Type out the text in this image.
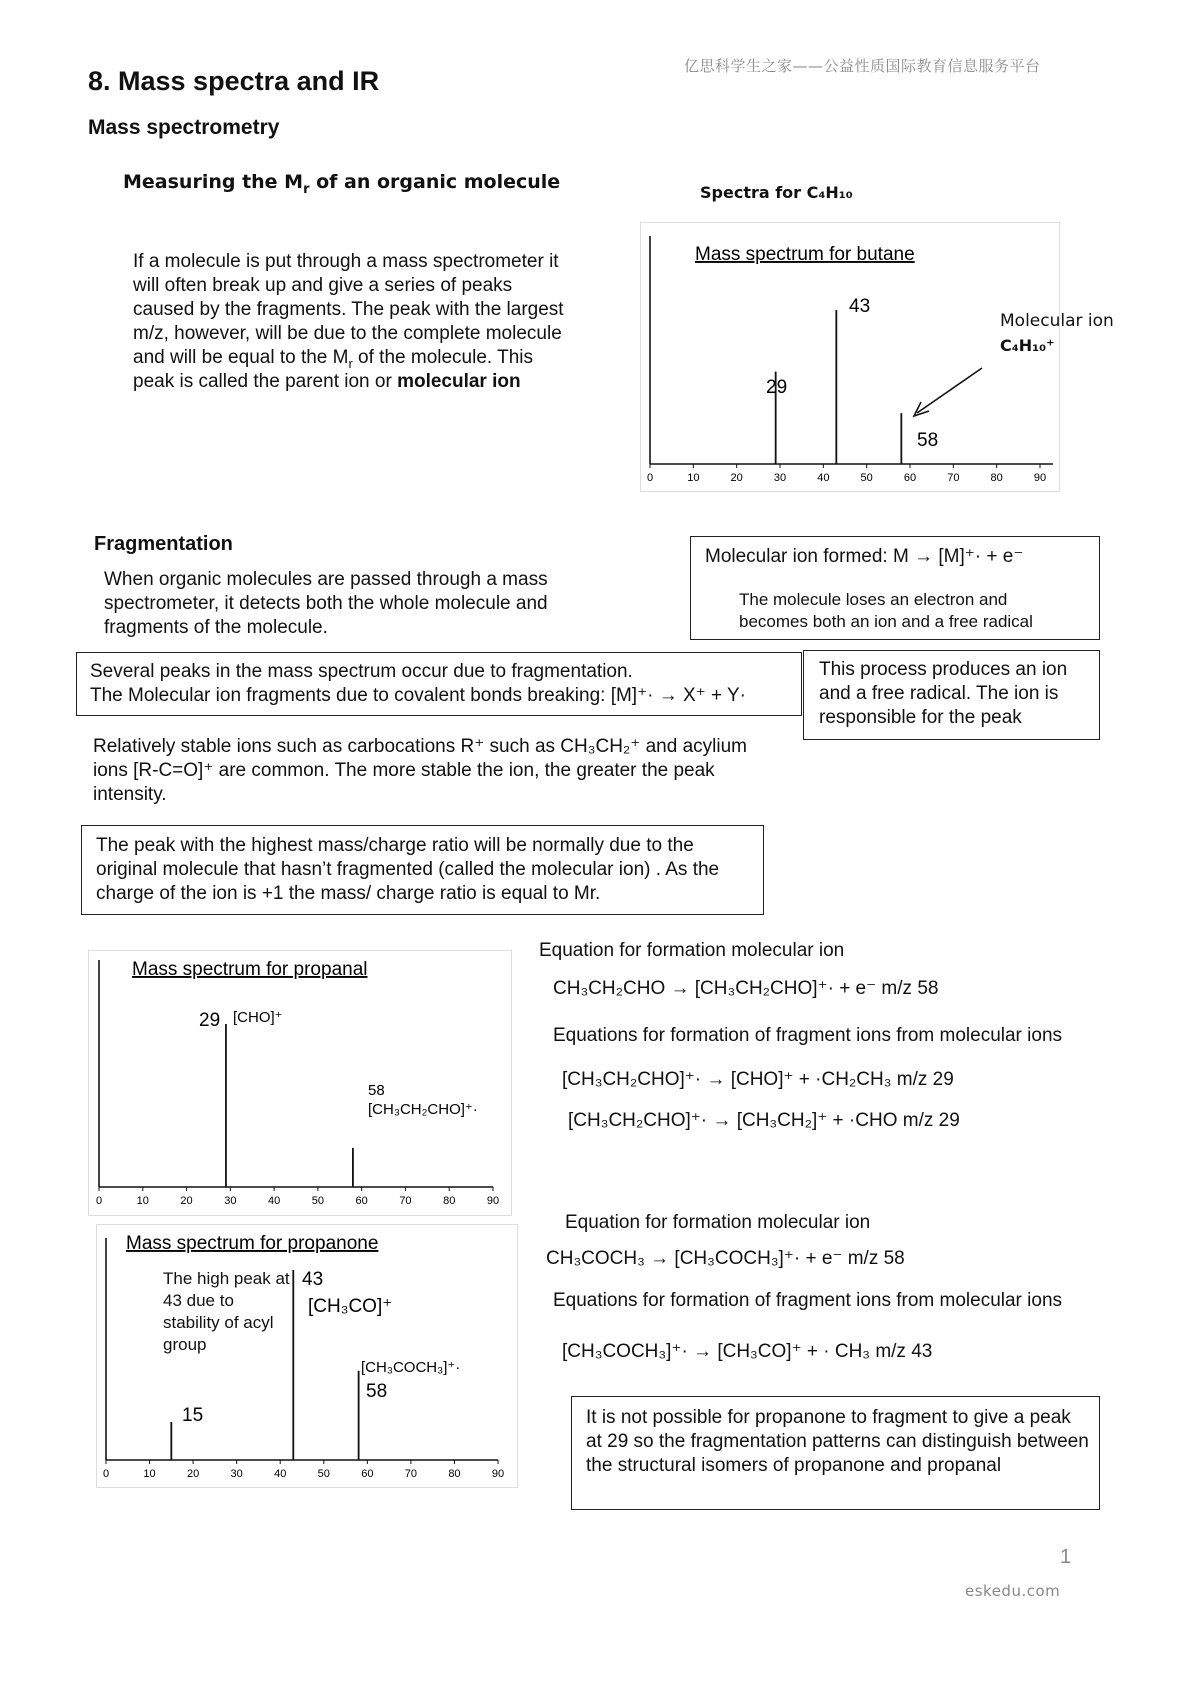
亿思科学生之家——公益性质国际教育信息服务平台
8. Mass spectra and IR
Mass spectrometry
Measuring the $M_r$ of an organic molecule
If a molecule is put through a mass spectrometer it will often break up and give a series of peaks caused by the fragments. The peak with the largest m/z, however, will be due to the complete molecule and will be equal to the $M_r$ of the molecule. This peak is called the parent ion or molecular ion
Spectra for C₄H₁₀
0	10	20	30	40	50	60	70	80	90
Mass spectrum for butane
43
29
58
Molecular ion
C₄H₁₀⁺
Fragmentation
When organic molecules are passed through a mass spectrometer, it detects both the whole molecule and fragments of the molecule.
Molecular ion formed: M → [M]⁺· + e⁻
The molecule loses an electron and becomes both an ion and a free radical
Several peaks in the mass spectrum occur due to fragmentation.
The Molecular ion fragments due to covalent bonds breaking: [M]⁺· → X⁺ + Y·
This process produces an ion and a free radical. The ion is responsible for the peak
Relatively stable ions such as carbocations R⁺ such as CH₃CH₂⁺ and acylium ions [R-C=O]⁺ are common. The more stable the ion, the greater the peak intensity.
The peak with the highest mass/charge ratio will be normally due to the original molecule that hasn’t fragmented (called the molecular ion) . As the charge of the ion is +1 the mass/ charge ratio is equal to Mr.
0	10	20	30	40	50	60	70	80	90
Mass spectrum for propanal
29 [CHO]⁺
58
[CH₃CH₂CHO]⁺·
Equation for formation molecular ion
CH₃CH₂CHO → [CH₃CH₂CHO]⁺· + e⁻ m/z 58
Equations for formation of fragment ions from molecular ions
[CH₃CH₂CHO]⁺· → [CHO]⁺ + ·CH₂CH₃ m/z 29
[CH₃CH₂CHO]⁺· → [CH₃CH₂]⁺ + ·CHO m/z 29
0	10	20	30	40	50	60	70	80	90
Mass spectrum for propanone
43
[CH₃CO]⁺
[CH₃COCH₃]⁺·
58
15
The high peak at 43 due to stability of acyl group
Equation for formation molecular ion
CH₃COCH₃ → [CH₃COCH₃]⁺· + e⁻ m/z 58
Equations for formation of fragment ions from molecular ions
[CH₃COCH₃]⁺· → [CH₃CO]⁺ + · CH₃ m/z 43
It is not possible for propanone to fragment to give a peak at 29 so the fragmentation patterns can distinguish between the structural isomers of propanone and propanal
1
eskedu.com
